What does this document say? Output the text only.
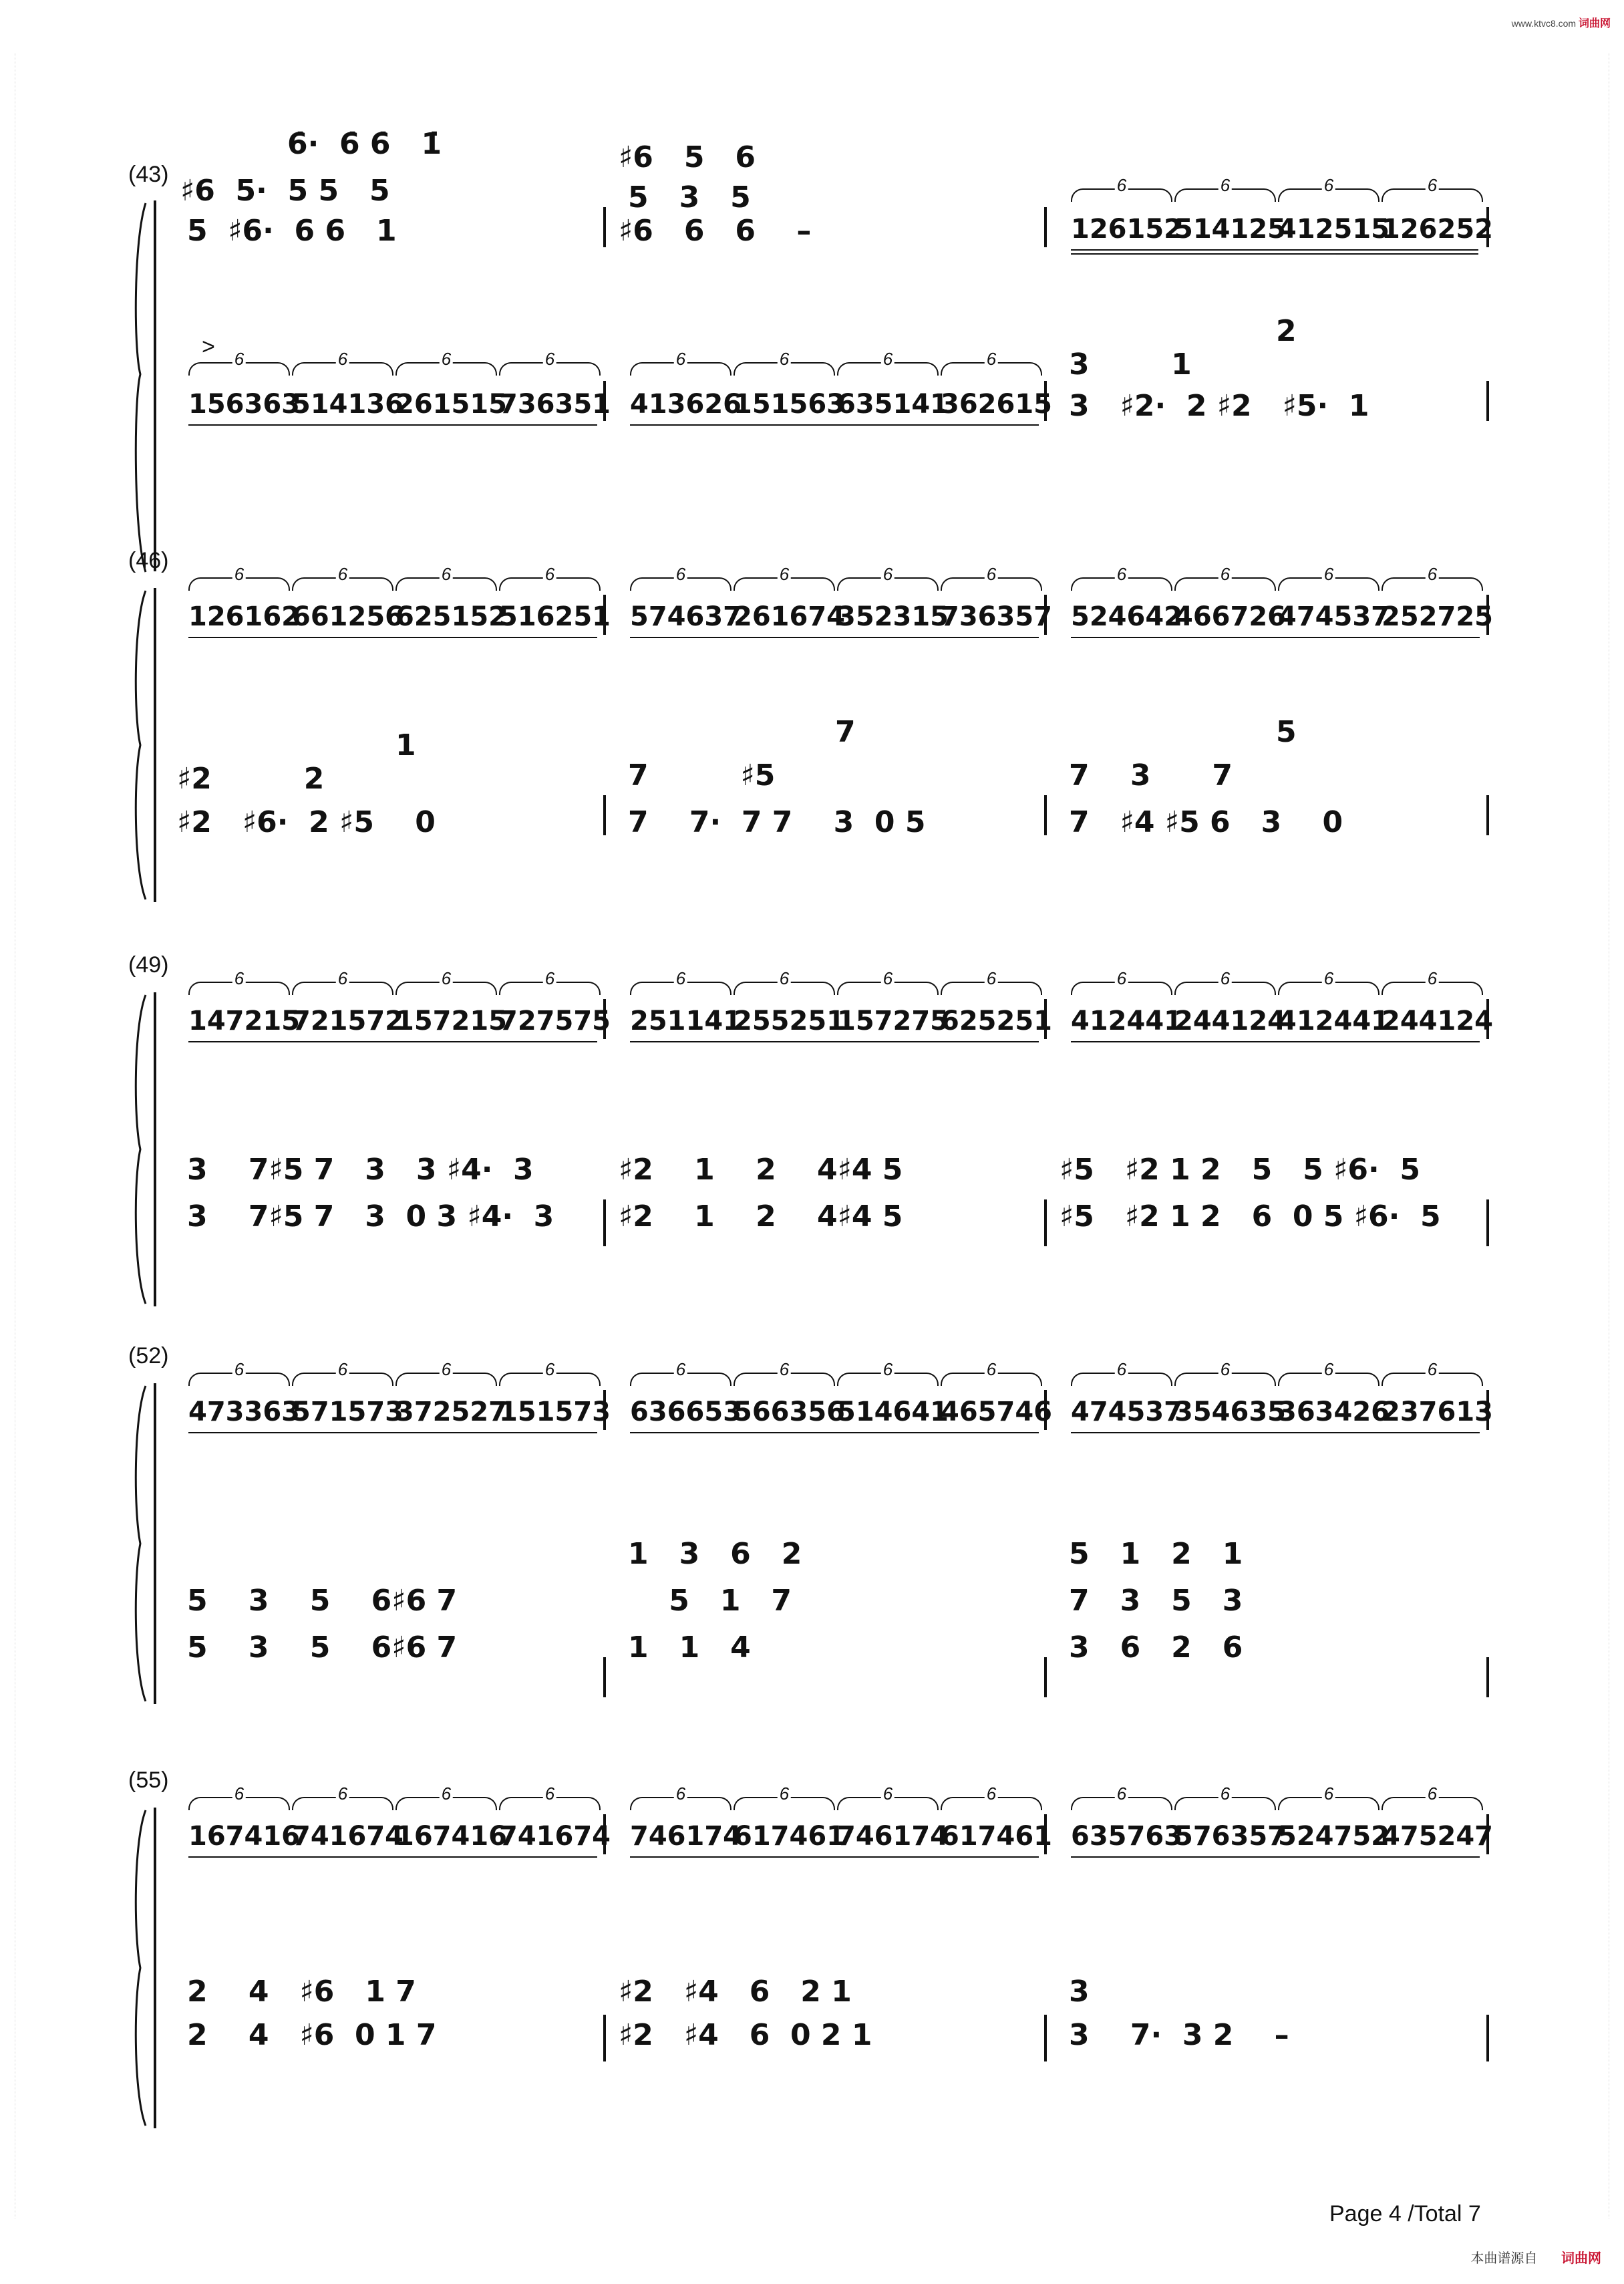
www.ktvc8.com 词曲网
(43)
6̇·  6̇ 6̇   1̇
♯6  5·  5 5   5
5  ♯6·  6 6   1
♯6   5   6
5   3   5
♯6   6   6    –	126152
514125
412515
126252
6	6	6	6
>
156363
514136
261515
736351 413626
151563
635141
362615
6	6	6	6	6	6	6	6
2
3        1
3   ♯2·  2 ♯2   ♯5·  1
(46)
126162
661256
625152
516251 574637
261674
352315
736357 524642
466726
474537
252725
6	6	6	6	6	6	6	6	6	6	6	6
1
♯2         2
♯2   ♯6·  2 ♯5    0
7
7         ♯5
7    7·  7 7    3  0 5
5
7    3      7
7   ♯4 ♯5 6   3    0
(49)
147215
721572
157215
727575 251141
255251
157275
625251 412441
244124
412441
244124
6	6	6	6	6	6	6	6	6	6	6	6
3    7♯5 7   3   3 ♯4·  3
3    7♯5 7   3  0 3 ♯4·  3
♯2    1    2    4♯4 5
♯2    1    2    4♯4 5
♯5   ♯2 1 2   5   5 ♯6·  5
♯5   ♯2 1 2   6  0 5 ♯6·  5
(52)
473363
571573
372527
151573 636653
566356
514641
465746 474537
354635
363426
237613
6	6	6	6	6	6	6	6	6	6	6	6
5    3    5    6♯6 7
5    3    5    6♯6 7
1   3   6   2
5   1   7
1   1   4
5   1   2   1
7   3   5   3
3   6   2   6
(55)
167416
741674
167416
741674 746174
617461
746174
617461 635763
576357
524752
475247
6	6	6	6	6	6	6	6	6	6	6	6
2    4   ♯6   1 7
2    4   ♯6  0 1 7
♯2   ♯4   6   2 1
♯2   ♯4   6  0 2 1
3
3    7·  3 2    –
Page 4 /Total 7
本曲谱源自 词曲网
